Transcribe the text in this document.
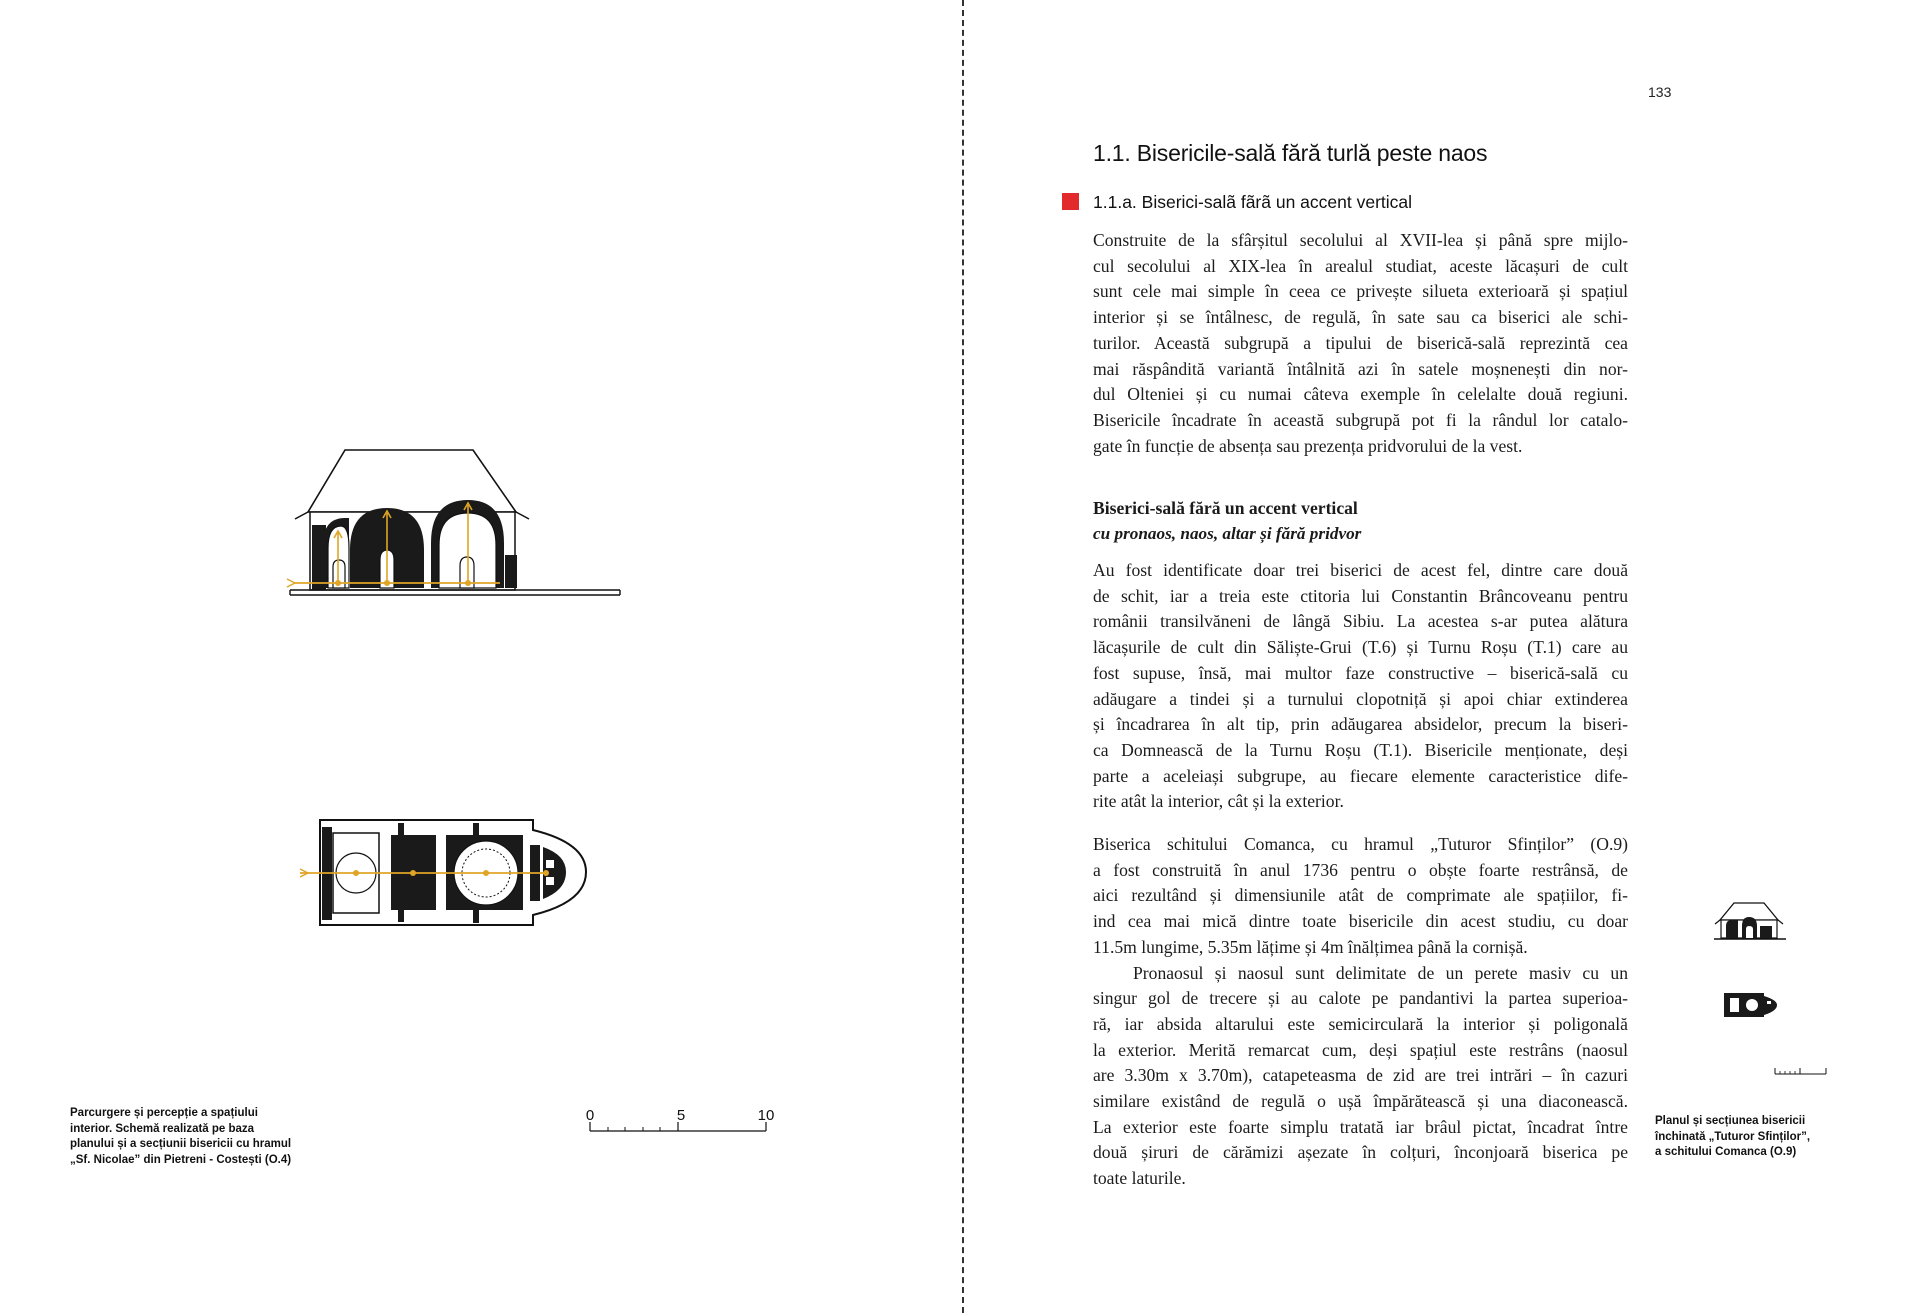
0	5	10
Parcurgere și percepție a spațiului
interior. Schemă realizată pe baza
planului și a secțiunii bisericii cu hramul
„Sf. Nicolae” din Pietreni - Costești (O.4)
133
1.1. Bisericile-sală fără turlă peste naos
1.1.a. Biserici-salã fãrã un accent vertical

Construite de la sfârșitul secolului al XVII-lea și până spre mijlo-
cul secolului al XIX-lea în arealul studiat, aceste lăcașuri de cult
sunt cele mai simple în ceea ce privește silueta exterioară și spațiul
interior și se întâlnesc, de regulă, în sate sau ca biserici ale schi-
turilor. Această subgrupă a tipului de biserică-sală reprezintă cea
mai răspândită variantă întâlnită azi în satele moșnenești din nor-
dul Olteniei și cu numai câteva exemple în celelalte două regiuni.
Bisericile încadrate în această subgrupă pot fi la rândul lor catalo-
gate în funcție de absența sau prezența pridvorului de la vest.

Biserici-sală fără un accent vertical
cu pronaos, naos, altar și fără pridvor

Au fost identificate doar trei biserici de acest fel, dintre care două
de schit, iar a treia este ctitoria lui Constantin Brâncoveanu pentru
românii transilvăneni de lângă Sibiu. La acestea s-ar putea alătura
lăcașurile de cult din Săliște-Grui (T.6) și Turnu Roșu (T.1) care au
fost supuse, însă, mai multor faze constructive – biserică-sală cu
adăugare a tindei și a turnului clopotniță și apoi chiar extinderea
și încadrarea în alt tip, prin adăugarea absidelor, precum la biseri-
ca Domnească de la Turnu Roșu (T.1). Bisericile menționate, deși
parte a aceleiași subgrupe, au fiecare elemente caracteristice dife-
rite atât la interior, cât și la exterior.

Biserica schitului Comanca, cu hramul „Tuturor Sfinților” (O.9)
a fost construită în anul 1736 pentru o obște foarte restrânsă, de
aici rezultând și dimensiunile atât de comprimate ale spațiilor, fi-
ind cea mai mică dintre toate bisericile din acest studiu, cu doar
11.5m lungime, 5.35m lățime și 4m înălțimea până la cornișă.
Pronaosul și naosul sunt delimitate de un perete masiv cu un
singur gol de trecere și au calote pe pandantivi la partea superioa-
ră, iar absida altarului este semicirculară la interior și poligonală
la exterior. Merită remarcat cum, deși spațiul este restrâns (naosul
are 3.30m x 3.70m), catapeteasma de zid are trei intrări – în cazuri
similare existând de regulă o ușă împărătească și una diaconească.
La exterior este foarte simplu tratată iar brâul pictat, încadrat între
două șiruri de cărămizi așezate în colțuri, înconjoară biserica pe
toate laturile.

Planul și secțiunea bisericii
închinată „Tuturor Sfinților”,
a schitului Comanca (O.9)
